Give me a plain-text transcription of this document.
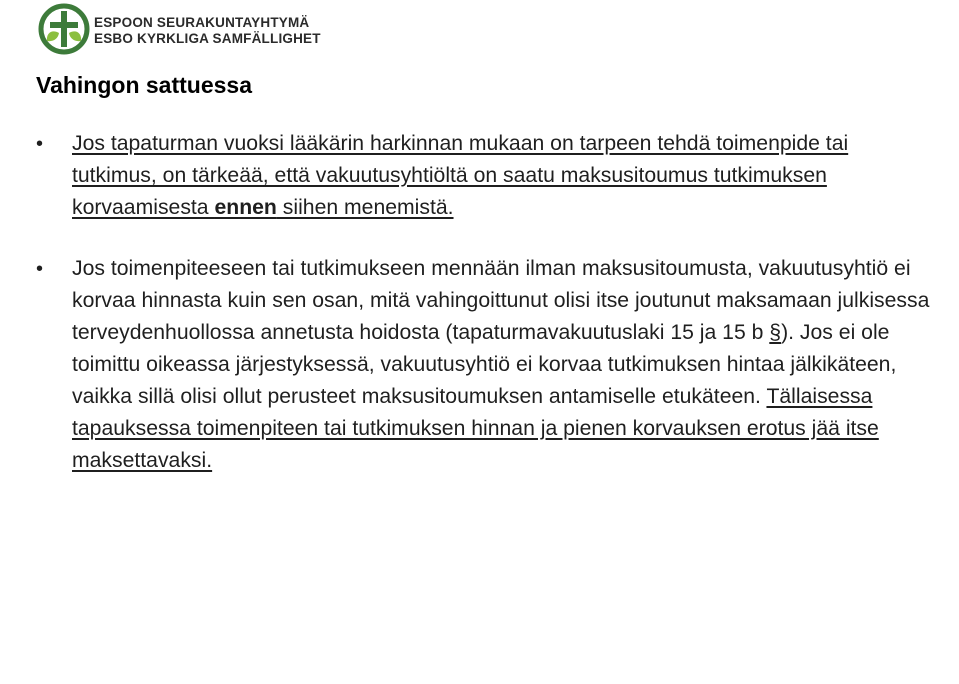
ESPOON SEURAKUNTAYHTYMÄ
ESBO KYRKLIGA SAMFÄLLIGHET
Vahingon sattuessa
• Jos tapaturman vuoksi lääkärin harkinnan mukaan on tarpeen tehdä toimenpide tai tutkimus, on tärkeää, että vakuutusyhtiöltä on saatu maksusitoumus tutkimuksen korvaamisesta ennen siihen menemistä.
• Jos toimenpiteeseen tai tutkimukseen mennään ilman maksusitoumusta, vakuutusyhtiö ei korvaa hinnasta kuin sen osan, mitä vahingoittunut olisi itse joutunut maksamaan julkisessa terveydenhuollossa annetusta hoidosta (tapaturmavakuutuslaki 15 ja 15 b §). Jos ei ole toimittu oikeassa järjestyksessä, vakuutusyhtiö ei korvaa tutkimuksen hintaa jälkikäteen, vaikka sillä olisi ollut perusteet maksusitoumuksen antamiselle etukäteen. Tällaisessa tapauksessa toimenpiteen tai tutkimuksen hinnan ja pienen korvauksen erotus jää itse maksettavaksi.
